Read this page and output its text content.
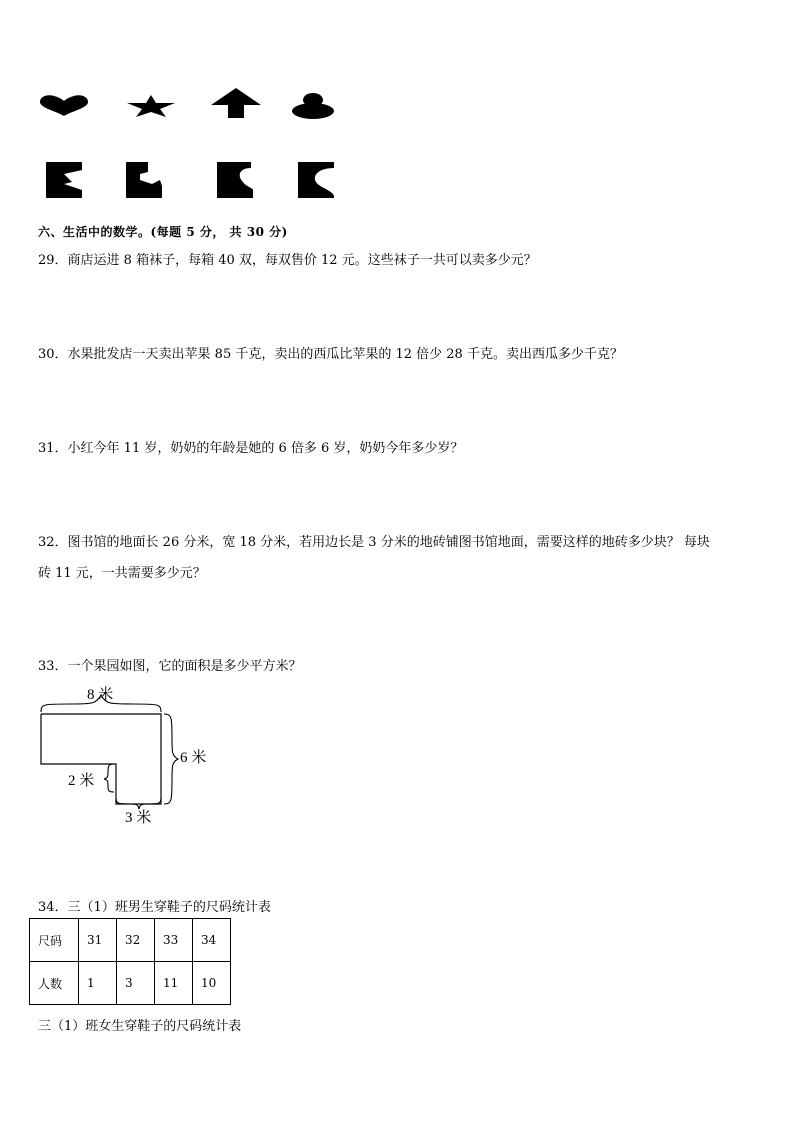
六、生活中的数学。(每题 5 分， 共 30 分)
29．商店运进 8 箱袜子，每箱 40 双，每双售价 12 元。这些袜子一共可以卖多少元？
30．水果批发店一天卖出苹果 85 千克，卖出的西瓜比苹果的 12 倍少 28 千克。卖出西瓜多少千克？
31．小红今年 11 岁，奶奶的年龄是她的 6 倍多 6 岁，奶奶今年多少岁？
32．图书馆的地面长 26 分米，宽 18 分米，若用边长是 3 分米的地砖铺图书馆地面，需要这样的地砖多少块？ 每块
砖 11 元，一共需要多少元？
33．一个果园如图，它的面积是多少平方米？
8 米
6 米
2 米
3 米
34．三（1）班男生穿鞋子的尺码统计表
尺码	31	32	33	34
人数	1	3	11	10
三（1）班女生穿鞋子的尺码统计表
